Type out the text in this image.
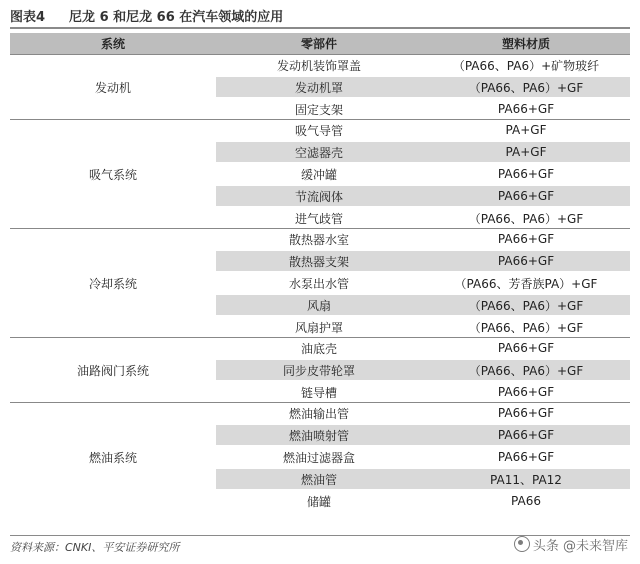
图表4 尼龙 6 和尼龙 66 在汽车领域的应用
系统	零部件	塑料材质
发动机	发动机装饰罩盖	（PA66、PA6）+矿物玻纤
	发动机罩	（PA66、PA6）+GF
	固定支架	PA66+GF
吸气系统	吸气导管	PA+GF
	空滤器壳	PA+GF
	缓冲罐	PA66+GF
	节流阀体	PA66+GF
	进气歧管	（PA66、PA6）+GF
冷却系统	散热器水室	PA66+GF
	散热器支架	PA66+GF
	水泵出水管	（PA66、芳香族PA）+GF
	风扇	（PA66、PA6）+GF
	风扇护罩	（PA66、PA6）+GF
油路阀门系统	油底壳	PA66+GF
	同步皮带轮罩	（PA66、PA6）+GF
	链导槽	PA66+GF
燃油系统	燃油输出管	PA66+GF
	燃油喷射管	PA66+GF
	燃油过滤器盒	PA66+GF
	燃油管	PA11、PA12
	储罐	PA66
资料来源：CNKI、平安证券研究所	头条 @未来智库
